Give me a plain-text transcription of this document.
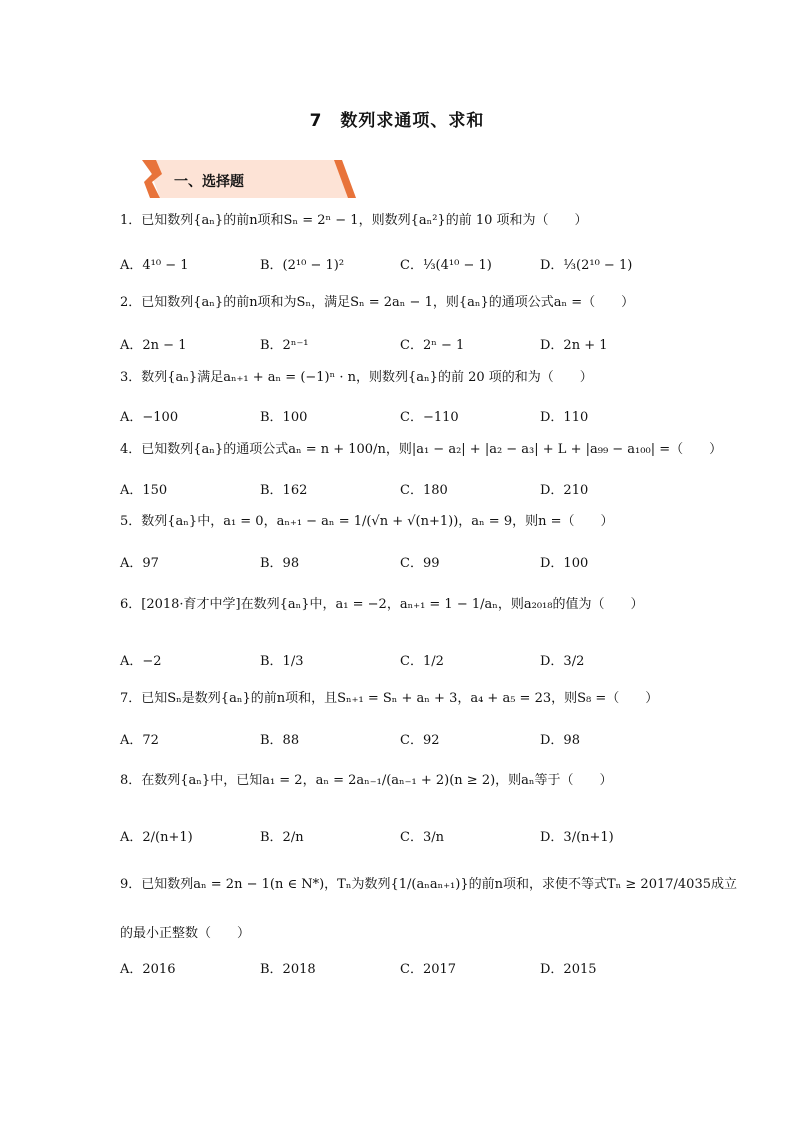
7　数列求通项、求和
一、选择题
1．已知数列{aₙ}的前n项和Sₙ = 2ⁿ − 1，则数列{aₙ²}的前 10 项和为（　　）
A．4¹⁰ − 1	B．(2¹⁰ − 1)²	C．⅓(4¹⁰ − 1)	D．⅓(2¹⁰ − 1)
2．已知数列{aₙ}的前n项和为Sₙ，满足Sₙ = 2aₙ − 1，则{aₙ}的通项公式aₙ =（　　）
A．2n − 1	B．2ⁿ⁻¹	C．2ⁿ − 1	D．2n + 1
3．数列{aₙ}满足aₙ₊₁ + aₙ = (−1)ⁿ · n，则数列{aₙ}的前 20 项的和为（　　）
A．−100	B．100	C．−110	D．110
4．已知数列{aₙ}的通项公式aₙ = n + 100/n，则|a₁ − a₂| + |a₂ − a₃| + L + |a₉₉ − a₁₀₀| =（　　）
A．150	B．162	C．180	D．210
5．数列{aₙ}中，a₁ = 0，aₙ₊₁ − aₙ = 1/(√n + √(n+1))，aₙ = 9，则n =（　　）
A．97	B．98	C．99	D．100
6．[2018·育才中学]在数列{aₙ}中，a₁ = −2，aₙ₊₁ = 1 − 1/aₙ，则a₂₀₁₈的值为（　　）
A．−2	B．1/3	C．1/2	D．3/2
7．已知Sₙ是数列{aₙ}的前n项和，且Sₙ₊₁ = Sₙ + aₙ + 3，a₄ + a₅ = 23，则S₈ =（　　）
A．72	B．88	C．92	D．98
8．在数列{aₙ}中，已知a₁ = 2，aₙ = 2aₙ₋₁/(aₙ₋₁ + 2)(n ≥ 2)，则aₙ等于（　　）
A．2/(n+1)	B．2/n	C．3/n	D．3/(n+1)
9．已知数列aₙ = 2n − 1(n ∈ N*)，Tₙ为数列{1/(aₙaₙ₊₁)}的前n项和，求使不等式Tₙ ≥ 2017/4035成立
的最小正整数（　　）
A．2016	B．2018	C．2017	D．2015
